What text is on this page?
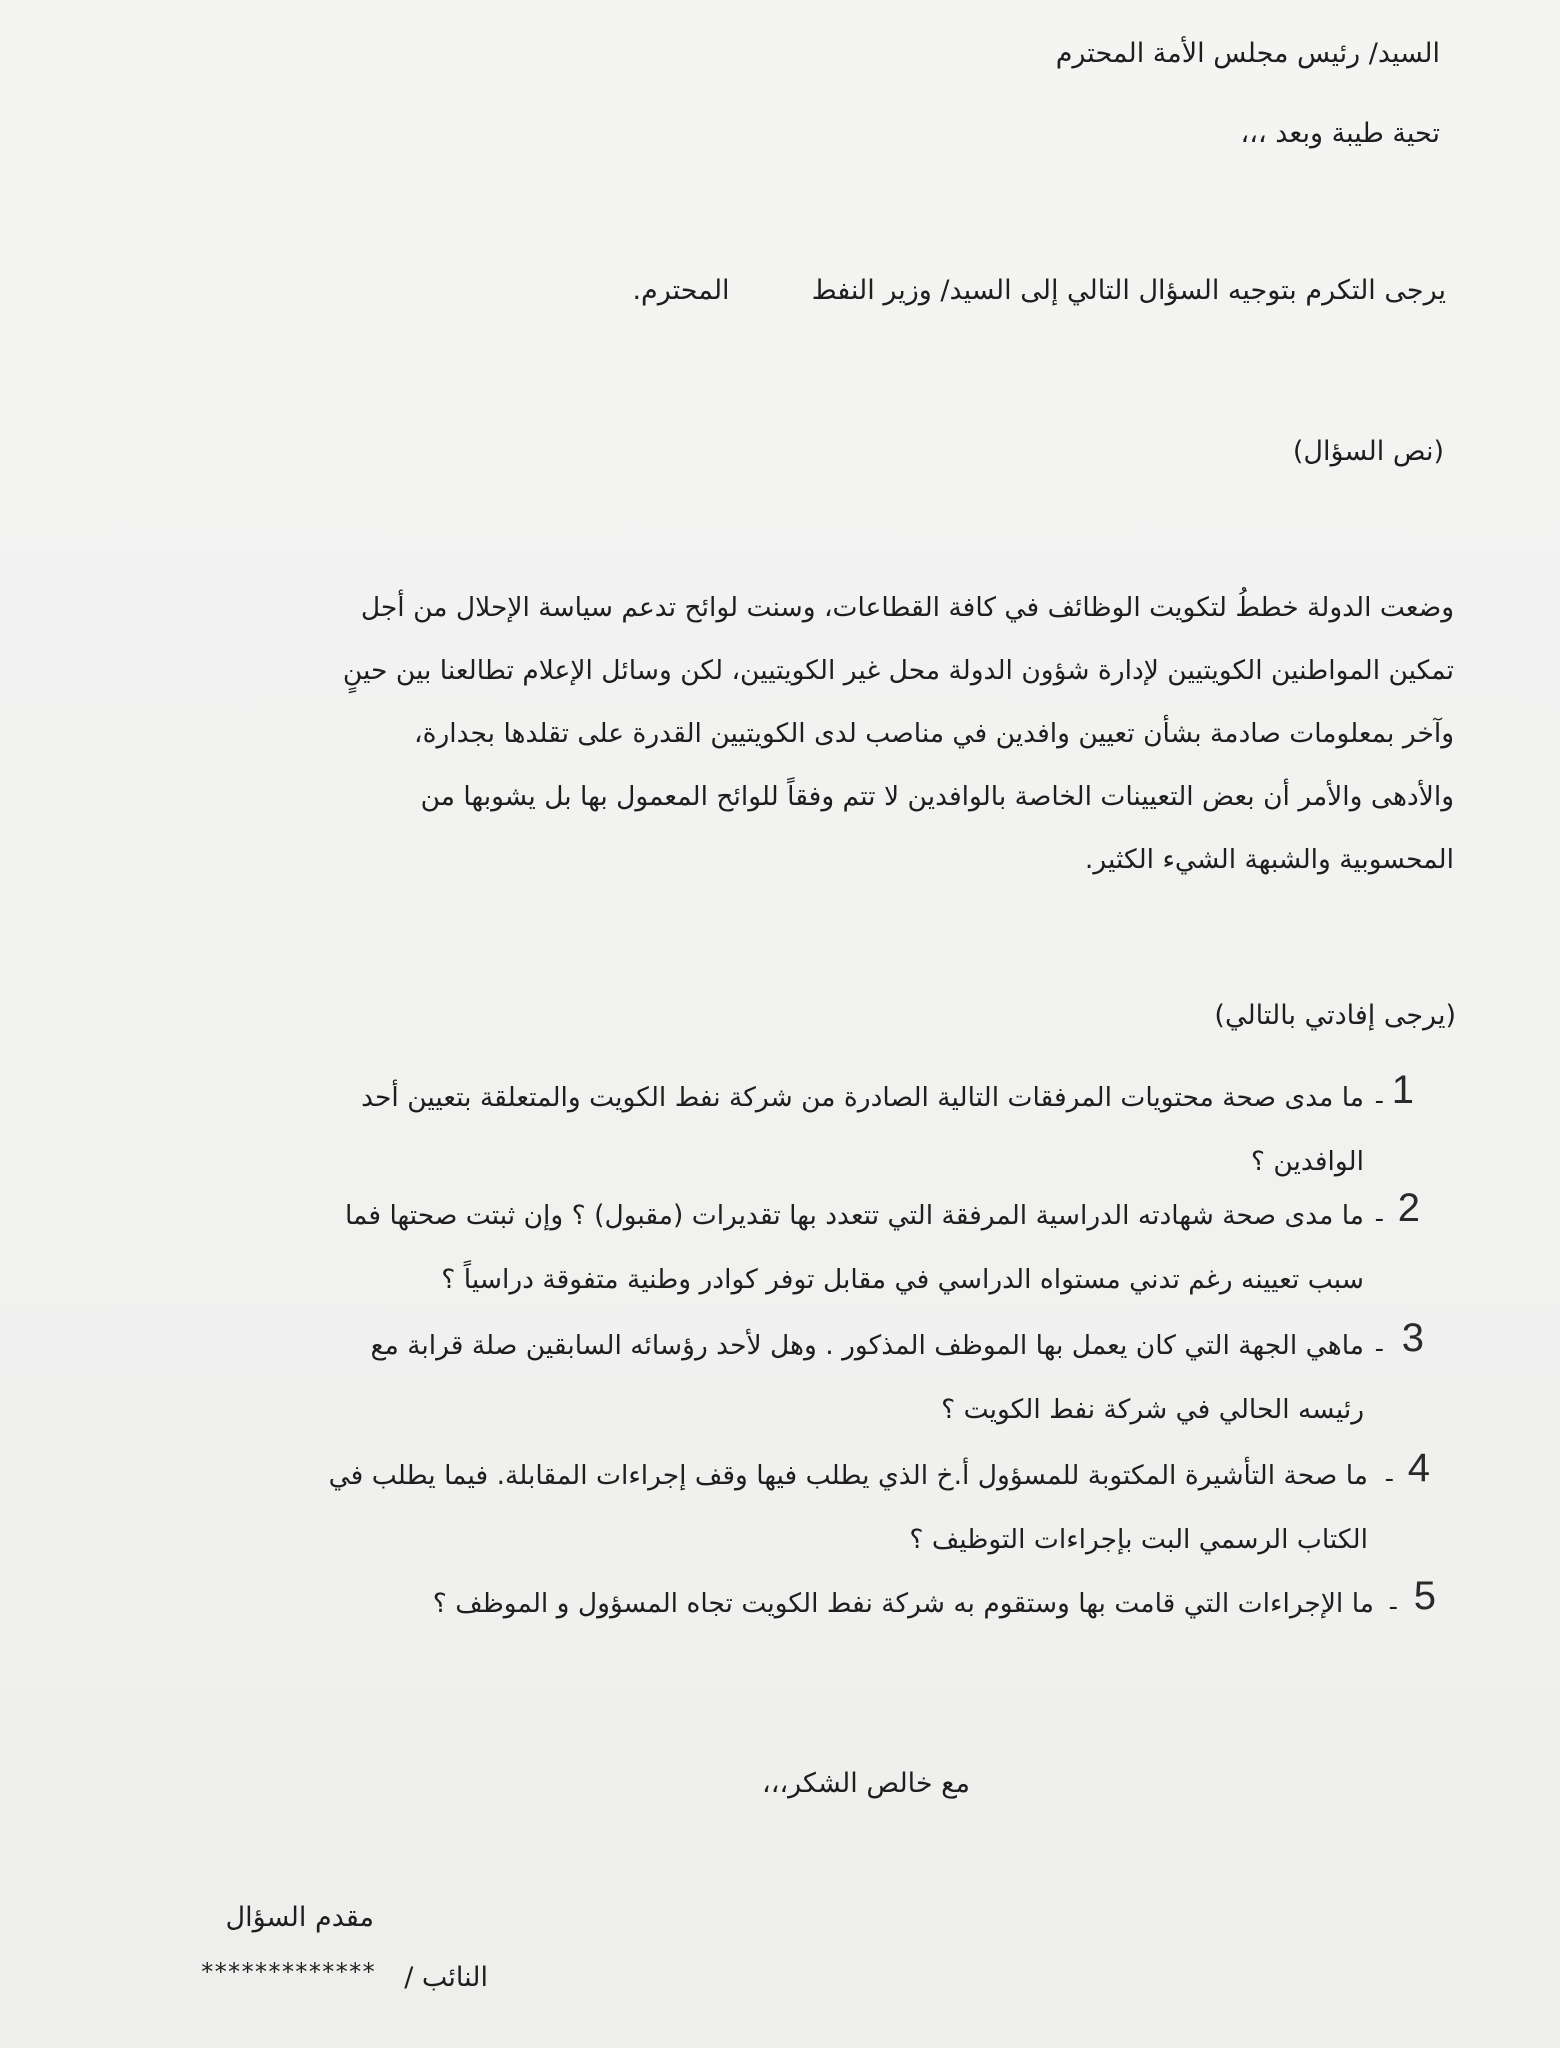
السيد/ رئيس مجلس الأمة المحترم
تحية طيبة وبعد ،،،
يرجى التكرم بتوجيه السؤال التالي إلى السيد/ وزير النفطالمحترم.
(نص السؤال)
وضعت الدولة خططُ لتكويت الوظائف في كافة القطاعات، وسنت لوائح تدعم سياسة الإحلال من أجل
تمكين المواطنين الكويتيين لإدارة شؤون الدولة محل غير الكويتيين، لكن وسائل الإعلام تطالعنا بين حينٍ
وآخر بمعلومات صادمة بشأن تعيين وافدين في مناصب لدى الكويتيين القدرة على تقلدها بجدارة،
والأدهى والأمر أن بعض التعيينات الخاصة بالوافدين لا تتم وفقاً للوائح المعمول بها بل يشوبها من
المحسوبية والشبهة الشيء الكثير.
(يرجى إفادتي بالتالي)
1
-
ما مدى صحة محتويات المرفقات التالية الصادرة من شركة نفط الكويت والمتعلقة بتعيين أحد
الوافدين ؟
2
-
ما مدى صحة شهادته الدراسية المرفقة التي تتعدد بها تقديرات (مقبول) ؟ وإن ثبتت صحتها فما
سبب تعيينه رغم تدني مستواه الدراسي في مقابل توفر كوادر وطنية متفوقة دراسياً ؟
3
-
ماهي الجهة التي كان يعمل بها الموظف المذكور . وهل لأحد رؤسائه السابقين صلة قرابة مع
رئيسه الحالي في شركة نفط الكويت ؟
4
-
ما صحة التأشيرة المكتوبة للمسؤول أ.خ الذي يطلب فيها وقف إجراءات المقابلة. فيما يطلب في
الكتاب الرسمي البت بإجراءات التوظيف ؟
5
-
ما الإجراءات التي قامت بها وستقوم به شركة نفط الكويت تجاه المسؤول و الموظف ؟
مع خالص الشكر،،،
مقدم السؤال
النائب /
*************
